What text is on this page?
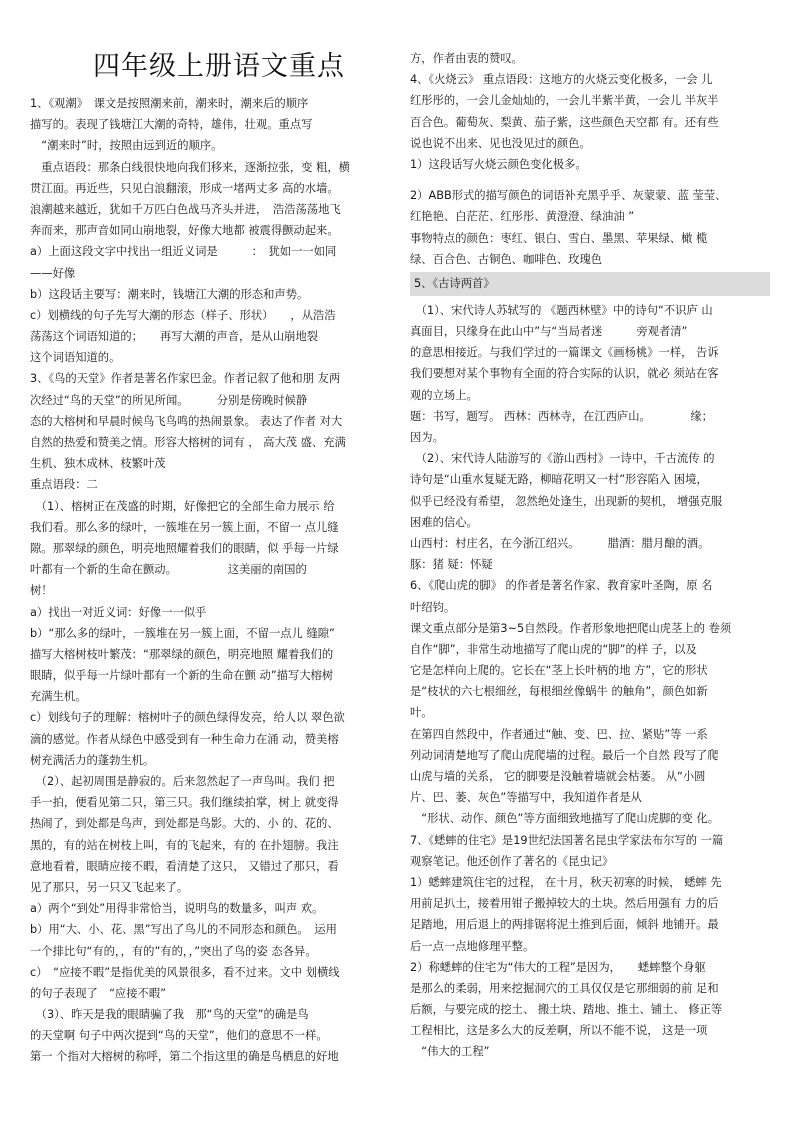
四年级上册语文重点
1、《观潮》　课文是按照潮来前，潮来时，潮来后的顺序
描写的。表现了钱塘江大潮的奇特，雄伟，壮观。重点写
　“潮来时”时，按照由远到近的顺序。
　重点语段：那条白线很快地向我们移来，逐渐拉张，变 粗，横
贯江面。再近些，只见白浪翻滚，形成一堵两丈多 高的水墙。
浪潮越来越近，犹如千万匹白色战马齐头并进，　浩浩荡荡地飞
奔而来，那声音如同山崩地裂，好像大地都 被震得颤动起来。
a）上面这段文字中找出一组近义词是　　　：　犹如一一如同
——好像
b）这段话主要写：潮来时，钱塘江大潮的形态和声势。
c）划横线的句子先写大潮的形态（样子、形状）　　，从浩浩
荡荡这个词语知道的；　　再写大潮的声音，是从山崩地裂
这个词语知道的。
3、《鸟的天堂》作者是著名作家巴金。作者记叙了他和朋 友两
次经过“鸟的天堂”的所见所闻。　　　分别是傍晚时候静
态的大榕树和早晨时候鸟飞鸟鸣的热闹景象。 表达了作者 对大
自然的热爱和赞美之情。形容大榕树的词有 ， 高大茂 盛、充满
生机、独木成林、枝繁叶茂
重点语段：二
　（1）、榕树正在茂盛的时期，好像把它的全部生命力展示 给
我们看。那么多的绿叶，一簇堆在另一簇上面，不留一 点儿缝
隙。那翠绿的颜色，明亮地照耀着我们的眼睛，似 乎每一片绿
叶都有一个新的生命在颤动。　　　　　这美丽的南国的
树！
a）找出一对近义词：好像一一似乎
b）“那么多的绿叶，一簇堆在另一簇上面，不留一点儿 缝隙”
描写大榕树枝叶繁茂：“那翠绿的颜色，明亮地照 耀着我们的
眼睛，似乎每一片绿叶都有一个新的生命在颤 动”描写大榕树
充满生机。
c）划线句子的理解：榕树叶子的颜色绿得发亮，给人以 翠色欲
滴的感觉。作者从绿色中感受到有一种生命力在涌 动，赞美榕
树充满活力的蓬勃生机。
　（2）、起初周围是静寂的。后来忽然起了一声鸟叫。我们 把
手一拍，便看见第二只，第三只。我们继续拍掌，树上 就变得
热闹了，到处都是鸟声，到处都是鸟影。大的、小 的、花的、
黑的，有的站在树枝上叫，有的飞起来，有的 在扑翅膀。我注
意地看着，眼睛应接不暇，看清楚了这只， 又错过了那只，看
见了那只，另一只又飞起来了。
a）两个“到处”用得非常恰当，说明鸟的数量多，叫声 欢。
b）用“大、小、花、黑”写出了鸟儿的不同形态和颜色。　运用
一个排比句“有的，，有的”有的，，”突出了鸟的姿 态各异。
c）　“应接不暇”是指优美的风景很多，看不过来。文中 划横线
的句子表现了　“应接不暇”
　（3）、昨天是我的眼睛骗了我　那“鸟的天堂”的确是鸟
的天堂啊 句子中两次提到“鸟的天堂”，他们的意思不一样。
第一 个指对大榕树的称呼，第二个指这里的确是鸟栖息的好地
方，作者由衷的赞叹。
4、《火烧云》 重点语段：这地方的火烧云变化极多，一会 儿
红彤彤的，一会儿金灿灿的，一会儿半紫半黄，一会儿 半灰半
百合色。葡萄灰、梨黄、茄子紫，这些颜色天空都 有。还有些
说也说不出来、见也没见过的颜色。
1）这段话写火烧云颜色变化极多。
2）ABB形式的描写颜色的词语补充黑乎乎、灰蒙蒙、蓝 莹莹、
红艳艳、白茫茫、红彤彤、黄澄澄、绿油油 ”
事物特点的颜色：枣红、银白、雪白、墨黑、苹果绿、橄 榄
绿、百合色、古铜色、咖啡色、玫瑰色
5、《古诗两首》
　（1）、宋代诗人苏轼写的 《题西林壁》中的诗句“不识庐 山
真面目，只缘身在此山中”与“当局者迷　　　旁观者清”
的意思相接近。与我们学过的一篇课文《画杨桃》一样， 告诉
我们要想对某个事物有全面的符合实际的认识，就必 须站在客
观的立场上。
题：书写，题写。 西林：西林寺，在江西庐山。　　　　缘；
因为。
　（2）、宋代诗人陆游写的《游山西村》一诗中，千古流传 的
诗句是“山重水复疑无路，柳暗花明又一村”形容陷入 困境，
似乎已经没有希望， 忽然绝处逢生，出现新的契机， 增强克服
困难的信心。
山西村：村庄名，在今浙江绍兴。　　　腊酒：腊月酿的酒。
豚：猪 疑：怀疑
6、《爬山虎的脚》 的作者是著名作家、教育家叶圣陶，原 名
叶绍钧。
课文重点部分是第3~5自然段。作者形象地把爬山虎茎上的 卷须
自作“脚”，非常生动地描写了爬山虎的“脚”的样 子，以及
它是怎样向上爬的。它长在“茎上长叶柄的地 方”，它的形状
是“枝状的六七根细丝，每根细丝像蜗牛 的触角”，颜色如新
叶。
在第四自然段中，作者通过“触、变、巴、拉、紧贴”等 一系
列动词清楚地写了爬山虎爬墙的过程。最后一个自然 段写了爬
山虎与墙的关系， 它的脚要是没触着墙就会枯萎。 从“小圆
片、巴、萎、灰色”等描写中，我知道作者是从
　“形状、动作、颜色”等方面细致地描写了爬山虎脚的变 化。
7、《蟋蟀的住宅》是19世纪法国著名昆虫学家法布尔写的 一篇
观察笔记。他还创作了著名的《昆虫记》
1）蟋蟀建筑住宅的过程， 在十月，秋天初寒的时候， 蟋蟀 先
用前足扒土，接着用钳子搬掉较大的土块。然后用强有 力的后
足踏地，用后退上的两排锯将泥土推到后面，倾斜 地铺开。最
后一点一点地修理平整。
2）称蟋蟀的住宅为“伟大的工程”是因为，　　蟋蟀整个身躯
是那么的柔弱，用来挖掘洞穴的工具仅仅是它那细弱的前 足和
后额，与要完成的挖土、 搬土块、踏地、推土、铺土、 修正等
工程相比，这是多么大的反差啊，所以不能不说， 这是一项
　“伟大的工程”
